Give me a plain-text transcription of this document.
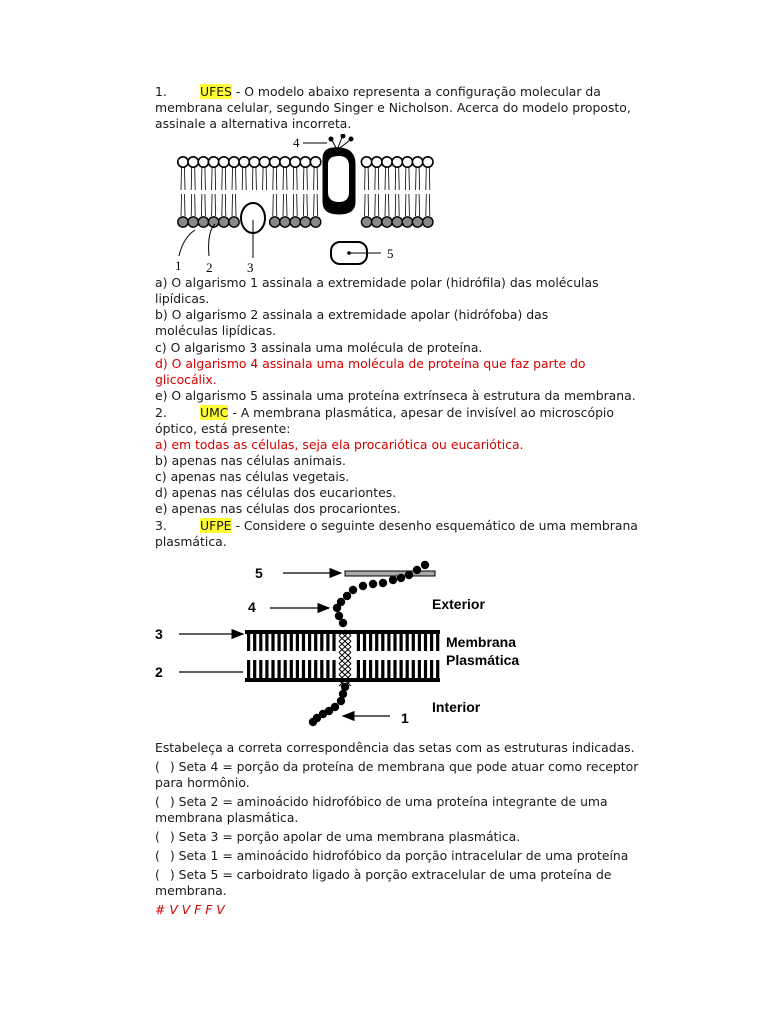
1.	UFES - O modelo abaixo representa a configuração molecular da
membrana celular, segundo Singer e Nicholson. Acerca do modelo proposto,
assinale a alternativa incorreta.
4
5
1 2	3
a) O algarismo 1 assinala a extremidade polar (hidrófila) das moléculas
lipídicas.
b) O algarismo 2 assinala a extremidade apolar (hidrófoba) das
moléculas lipídicas.
c) O algarismo 3 assinala uma molécula de proteína.
d) O algarismo 4 assinala uma molécula de proteína que faz parte do
glicocálix.
e) O algarismo 5 assinala uma proteína extrínseca à estrutura da membrana.
2.	UMC - A membrana plasmática, apesar de invisível ao microscópio
óptico, está presente:
a) em todas as células, seja ela procariótica ou eucariótica.
b) apenas nas células animais.
c) apenas nas células vegetais.
d) apenas nas células dos eucariontes.
e) apenas nas células dos procariontes.
3.	UFPE - Considere o seguinte desenho esquemático de uma membrana
plasmática.
5
4
3
2
1
Exterior
Membrana
Plasmática
Interior
Estabeleça a correta correspondência das setas com as estruturas indicadas.
( ) Seta 4 = porção da proteína de membrana que pode atuar como receptor
para hormônio.
( ) Seta 2 = aminoácido hidrofóbico de uma proteína integrante de uma
membrana plasmática.
( ) Seta 3 = porção apolar de uma membrana plasmática.
( ) Seta 1 = aminoácido hidrofóbico da porção intracelular de uma proteína
( ) Seta 5 = carboidrato ligado à porção extracelular de uma proteína de
membrana.
# V V F F V
